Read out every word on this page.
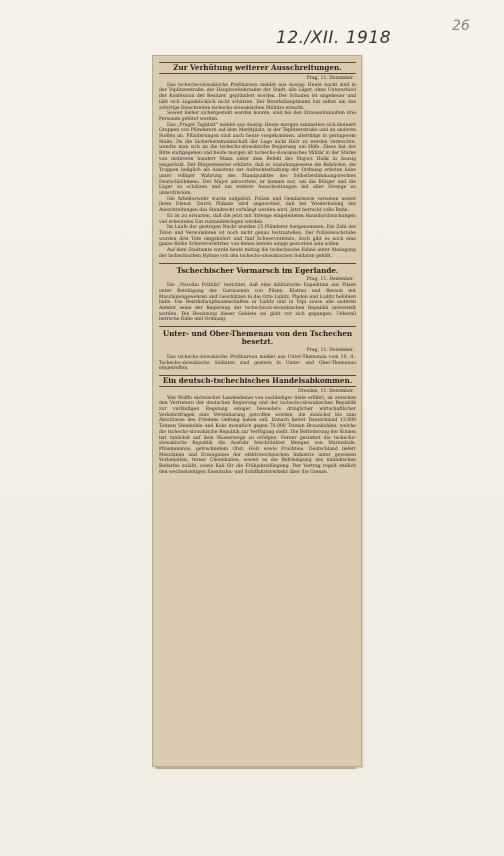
12./XII. 1918
26
Zur Verhütung weiterer Ausschreitungen.
Prag, 11. Dezember.

Das tschecho-slowakische Preßbureau meldet aus Aussig: Heute nacht sind in der Teplitzerstraße, der Hauptverkehrsader der Stadt, alle Läger, ohne Unterschied der Konfession der Besitzer, geplündert worden. Der Schaden ist ungeheuer und läßt sich augenblicklich nicht schätzen. Der Bezirkshauptmann hat selbst um das sofortige Einschreiten tschecho-slowakischen Militärs ersucht.

Soweit bisher sichergestellt werden konnte, sind bei den Strassentumulten drei Personen getötet worden.

Das „Prager Tagblatt“ meldet aus Aussig: Heute morgen sammelten sich kleinere Gruppen von Plünderern auf dem Marktplatz, in der Teplitzerstraße und an anderen Stellen an. Plünderungen sind auch heute vorgekommen, allerdings in geringerem Maße. Da die Sicherheitsmannschaft der Lage nicht Herr zu werden vermochte, wandte man sich an die tschecho-slowakische Regierung um Hilfe. Diese hat der Bitte stattgegeben und heute morgen ist tschecho-slowakisches Militär in der Stärke von mehreren hundert Mann unter dem Befehl des Majors Hulik in Aussig eingerückt. Der Bürgermeister erklärte, daß er, beziehungsweise die Behörden, die Truppen lediglich als Assistenz zur Aufrechterhaltung der Ordnung erbeten habe unter völliger Wahrung des Standpunktes des Selbstbestimmungsrechtes Deutschböhmens. Der Major antwortete, er komme nur, um die Bürger und die Läger zu schützen und um weitere Ausschreitungen mit aller Strenge zu unterdrücken.

Die Arbeiterwehr wurde aufgelöst. Polizei und Gendarmerie versehen weiter ihren Dienst. Durch Plakate wird angeordnet, daß bei Wiederholung der Ausschreitungen das Standrecht verhängt werden wird. Jetzt herrscht volle Ruhe.

Es ist zu erwarten, daß die jetzt mit Strenge eingeleiteten Hausdurchsuchungen viel erbeutetes Gut zustandebringen werden.

Im Laufe der gestrigen Nacht wurden 15 Plünderer festgenommen. Die Zahl der Toten und Verwundeten ist noch nicht genau festzustellen. Der Polizeiwachstube wurden drei Tote eingeliefert und fünf Schwerverletzte, doch gibt es noch eine ganze Reihe Schwerverletzter, von denen bereits einige gestorben sein sollen.

Auf dem Stadtamte wurde heute mittag die tschechische Fahne unter Absingung der tschechischen Hymne von den tschecho-slowakischen Soldaten gehißt.

Tschechischer Vormarsch im Egerlande.
Prag, 11. Dezember.

Die „Narodni Politika“ berichtet, daß eine militärische Expedition aus Pilsen unter Beteiligung der Garnisonen von Pilsen, Klattau und Beraun mit Maschinengewehren und Geschützen in die Orte Lubitz, Pladen und Luditz befohlen habe. Die Bezirkshauptmannschaften in Luditz und in Tepl sowie alle anderen Aemter seien der Regierung der tschechisch-slowakischen Republik unterstellt worden. Die Besatzung dieser Gebiete sei glatt vor sich gegangen. Ueberall herrsche Ruhe und Ordnung.

Unter- und Ober-Themenau von den Tschechen besetzt.
Prag, 11. Dezember.

Das tschecho-slowakische Preßbureau meldet aus Unter-Themenau vom 10. d.: Tschecho-slowakische Soldaten sind gestern in Unter- und Ober-Themenau eingetroffen.

Ein deutsch-tschechisches Handelsabkommen.
Dresden, 11. Dezember.

Wie Wolffs sächsischer Landesdienst von zuständiger Seite erfährt, ist zwischen den Vertretern der deutschen Regierung und der tschecho-slowakischen Republik zur vorläufigen Regelung einiger besonders dringlicher wirtschaftlicher Verkehrsfragen eine Vereinbarung getroffen worden, die zunächst bis zum Abschlusse des Friedens Geltung haben soll. Danach liefert Deutschland 15.000 Tonnen Steinkohle und Koks monatlich gegen 70.000 Tonnen Braunkohlen, welche die tschecho-slowakische Republik zur Verfügung stellt. Die Beförderung der Kohlen hat tunlichst auf dem Wasserwege zu erfolgen. Ferner gestattet die tschecho-slowakische Republik die Ausfuhr beschränkter Mengen von Marmelade, Pflaumenmus, getrocknetem Obst, Holz sowie Fruchteis. Deutschland liefert Maschinen und Erzeugnisse der elektrotechnischen Industrie unter gewissen Vorbehalten, ferner Chemikalien, soweit es die Befriedigung des inländischen Bedarfes zuläßt, sowie Kali für die Frühjahrsdüngung. Der Vertrag regelt endlich den wechselseitigen Eisenbahn- und Schiffahrtsverkehr über die Grenze.
